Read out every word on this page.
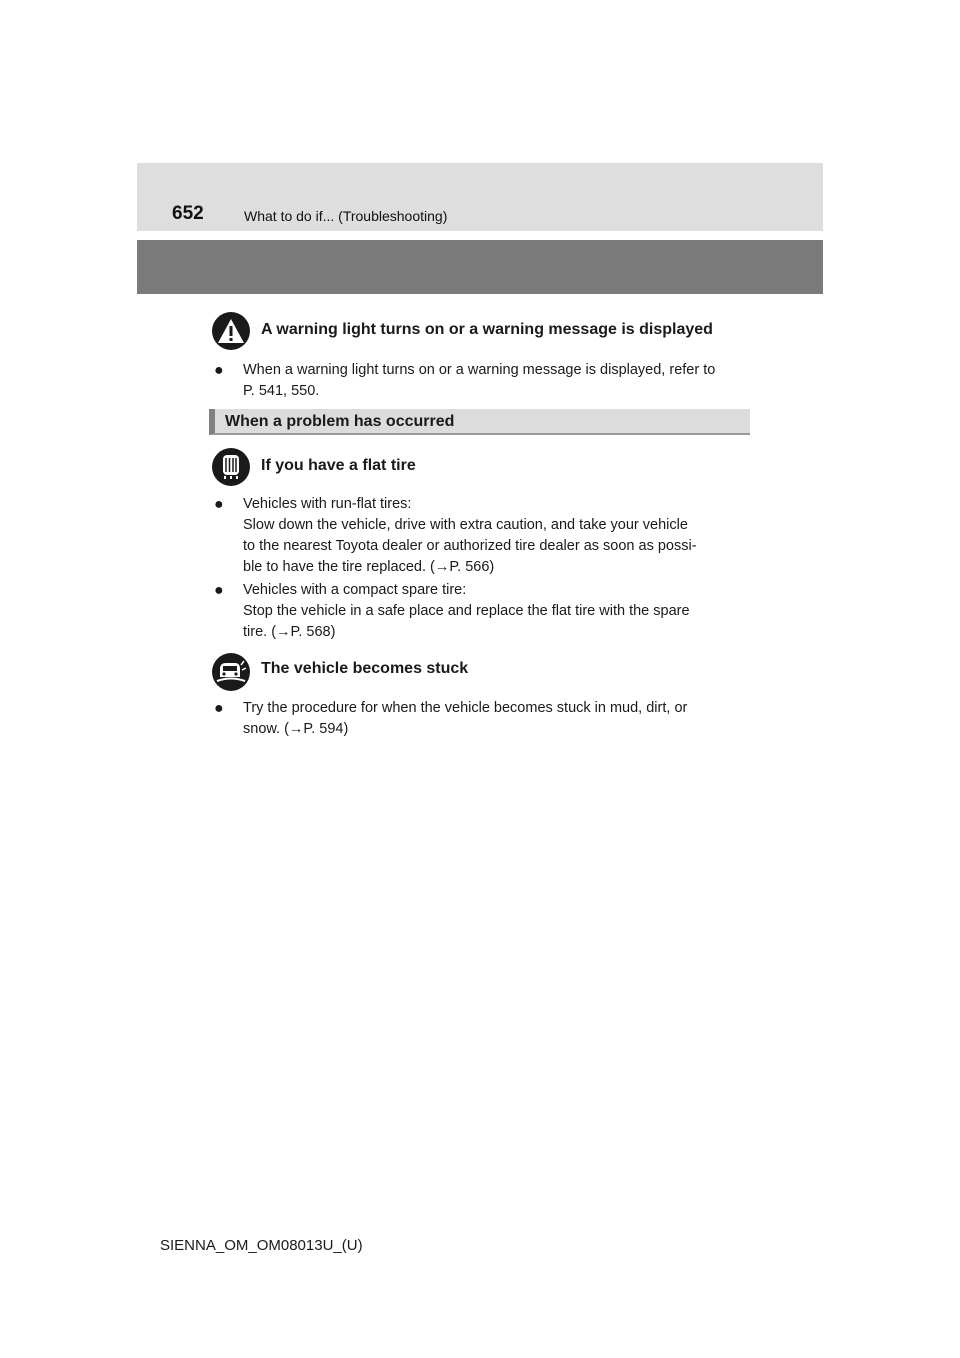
652	What to do if... (Troubleshooting)
A warning light turns on or a warning message is displayed
● When a warning light turns on or a warning message is displayed, refer to

P. 541, 550.

When a problem has occurred
If you have a flat tire
● Vehicles with run-flat tires:

Slow down the vehicle, drive with extra caution, and take your vehicle

to the nearest Toyota dealer or authorized tire dealer as soon as possi-

ble to have the tire replaced. (→P. 566)

● Vehicles with a compact spare tire:

Stop the vehicle in a safe place and replace the flat tire with the spare

tire. (→P. 568)

The vehicle becomes stuck
● Try the procedure for when the vehicle becomes stuck in mud, dirt, or

snow. (→P. 594)

SIENNA_OM_OM08013U_(U)
